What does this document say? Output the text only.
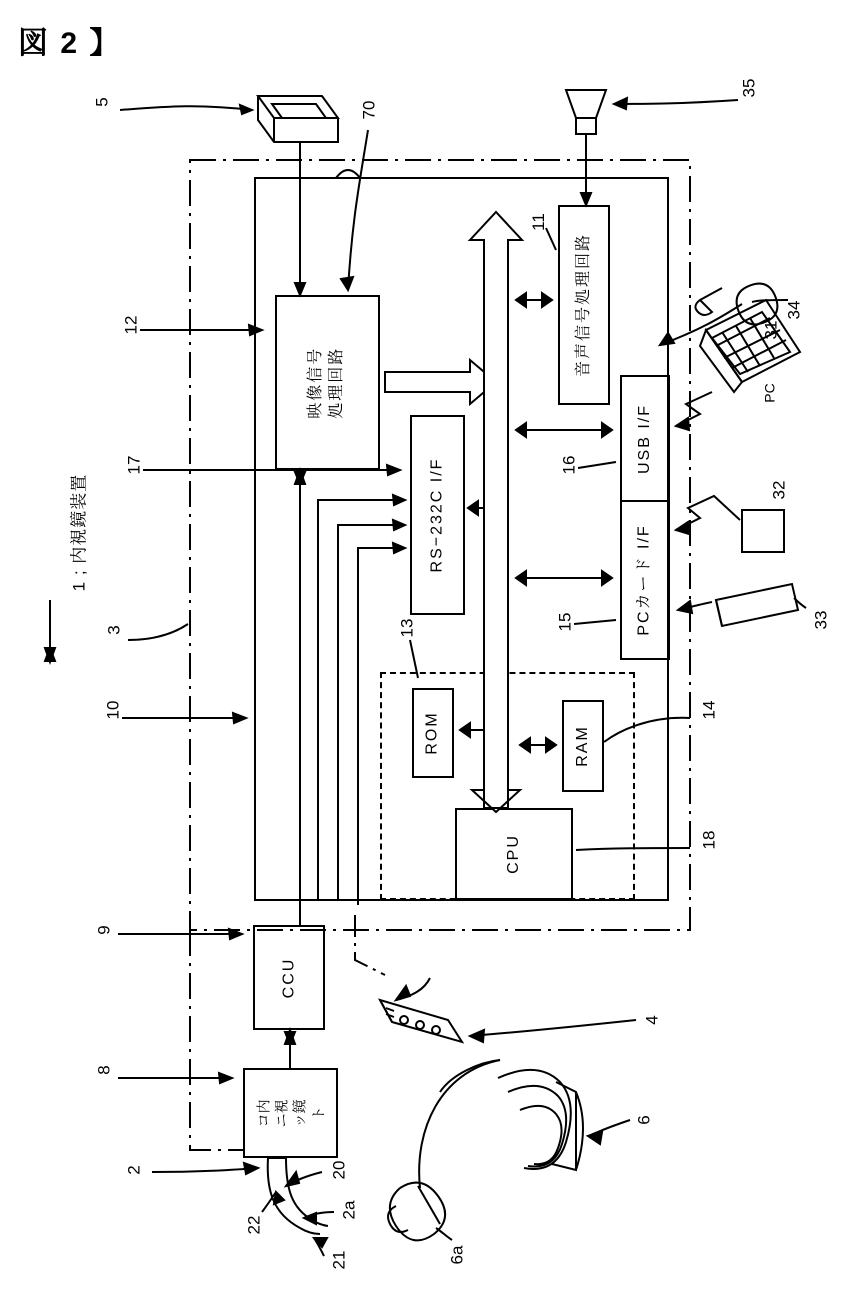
図 2 】
1 ; 内視鏡装置
映像信号 処理回路
RS−232C I/F
音声信号処理回路
USB I/F
PCカード I/F
ROM	RAM
CPU
CCU
コ内 ニ視 ッ鏡 ト
5	70
35
34
31
32
33
12
11
17	16
15
13
14
18
9
8
3
10
2
4
6
6a
20
2a
21
22
PC
